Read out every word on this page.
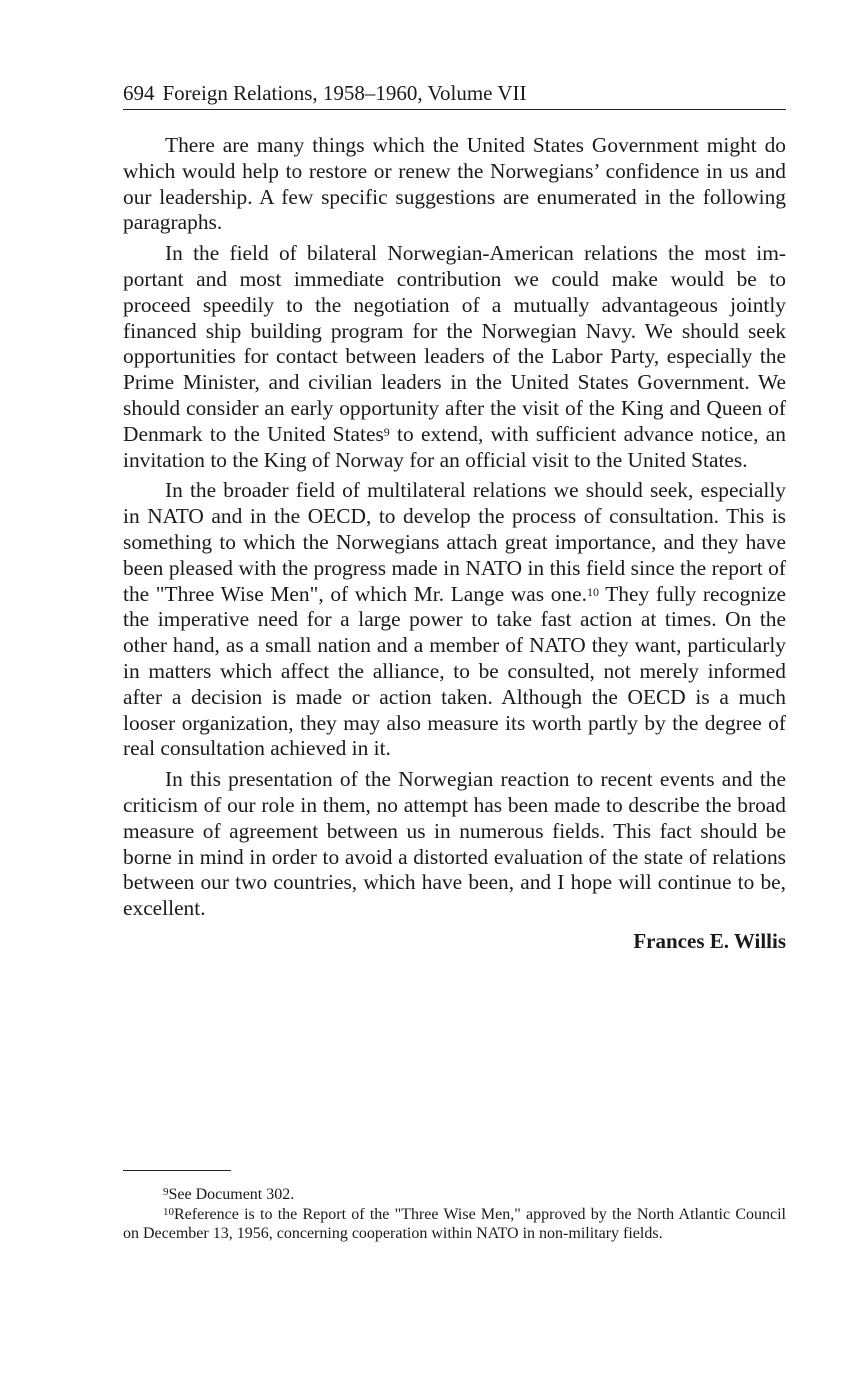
694 Foreign Relations, 1958–1960, Volume VII

There are many things which the United States Government might do which would help to restore or renew the Norwegians’ confidence in us and our leadership. A few specific suggestions are enumerated in the following paragraphs.

In the field of bilateral Norwegian-American relations the most important and most immediate contribution we could make would be to proceed speedily to the negotiation of a mutually advantageous jointly financed ship building program for the Norwegian Navy. We should seek opportunities for contact between leaders of the Labor Party, especially the Prime Minister, and civilian leaders in the United States Government. We should consider an early opportunity after the visit of the King and Queen of Denmark to the United States$^9$ to extend, with sufficient advance notice, an invitation to the King of Norway for an official visit to the United States.

In the broader field of multilateral relations we should seek, especially in NATO and in the OECD, to develop the process of consultation. This is something to which the Norwegians attach great importance, and they have been pleased with the progress made in NATO in this field since the report of the "Three Wise Men", of which Mr. Lange was one.$^{10}$ They fully recognize the imperative need for a large power to take fast action at times. On the other hand, as a small nation and a member of NATO they want, particularly in matters which affect the alliance, to be consulted, not merely informed after a decision is made or action taken. Although the OECD is a much looser organization, they may also measure its worth partly by the degree of real consultation achieved in it.

In this presentation of the Norwegian reaction to recent events and the criticism of our role in them, no attempt has been made to describe the broad measure of agreement between us in numerous fields. This fact should be borne in mind in order to avoid a distorted evaluation of the state of relations between our two countries, which have been, and I hope will continue to be, excellent.

Frances E. Willis

$^9$See Document 302.

$^{10}$Reference is to the Report of the "Three Wise Men," approved by the North Atlantic Council on December 13, 1956, concerning cooperation within NATO in non-military fields.
